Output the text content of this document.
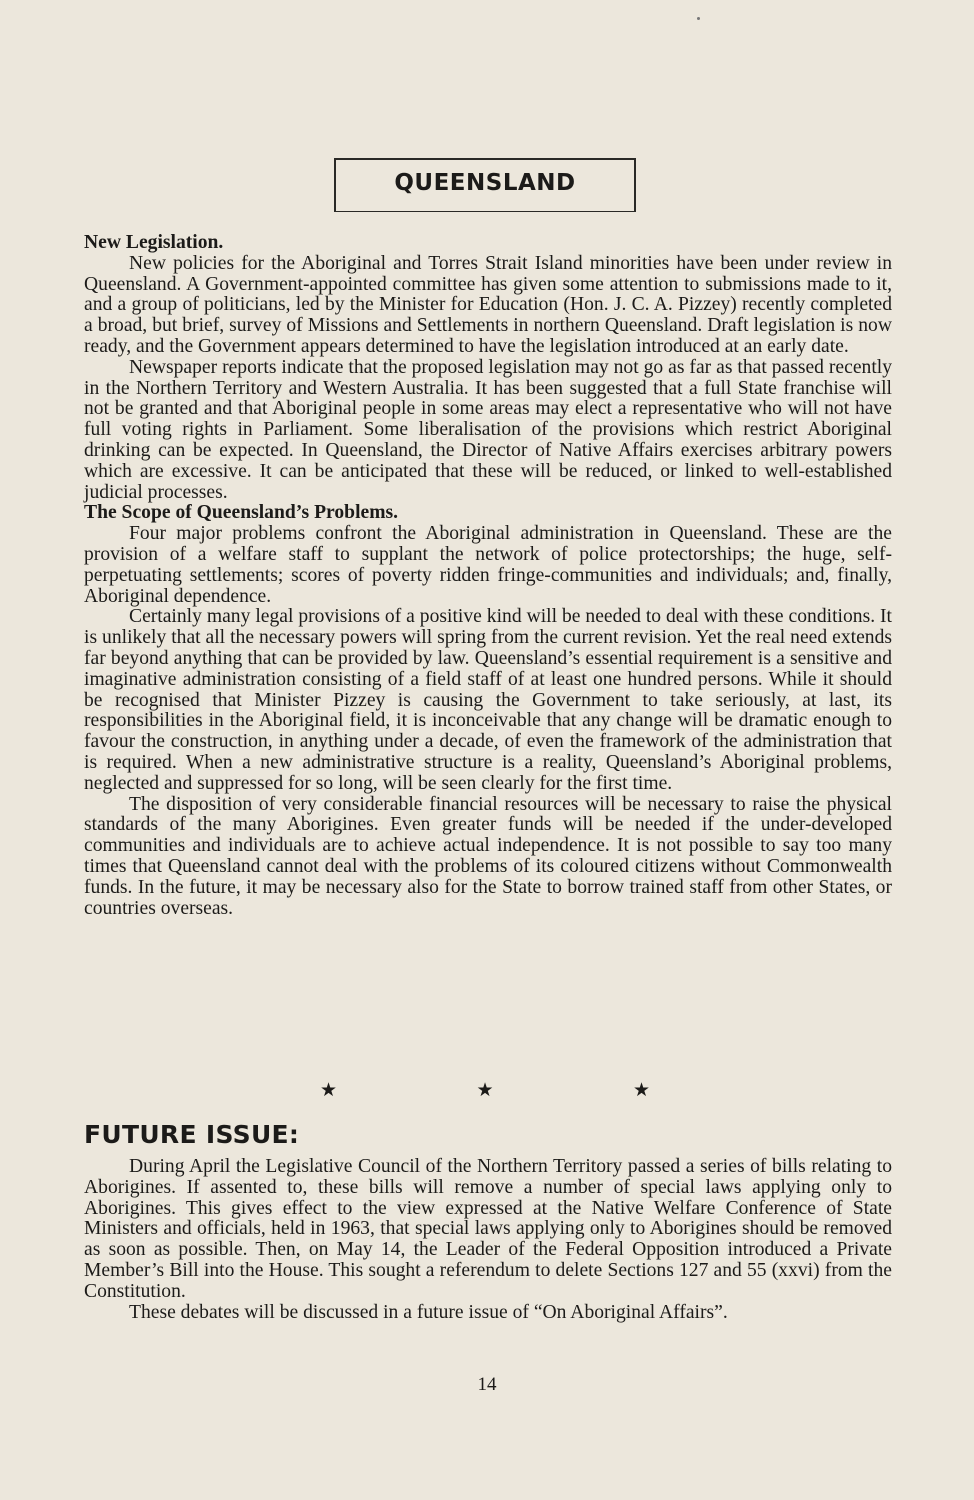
QUEENSLAND

New Legislation.

New policies for the Aboriginal and Torres Strait Island minorities have been under review in Queensland. A Government-appointed committee has given some attention to submissions made to it, and a group of politicians, led by the Minister for Education (Hon. J. C. A. Pizzey) recently completed a broad, but brief, survey of Missions and Settlements in northern Queensland. Draft legislation is now ready, and the Government appears determined to have the legislation introduced at an early date.

Newspaper reports indicate that the proposed legislation may not go as far as that passed recently in the Northern Territory and Western Australia. It has been suggested that a full State franchise will not be granted and that Aboriginal people in some areas may elect a representative who will not have full voting rights in Parliament. Some liberalisation of the provisions which restrict Aboriginal drinking can be expected. In Queensland, the Director of Native Affairs exercises arbitrary powers which are excessive. It can be anticipated that these will be reduced, or linked to well-established judicial processes.

The Scope of Queensland’s Problems.

Four major problems confront the Aboriginal administration in Queensland. These are the provision of a welfare staff to supplant the network of police protectorships; the huge, self-perpetuating settlements; scores of poverty ridden fringe-communities and individuals; and, finally, Aboriginal dependence.

Certainly many legal provisions of a positive kind will be needed to deal with these conditions. It is unlikely that all the necessary powers will spring from the current revision. Yet the real need extends far beyond anything that can be provided by law. Queensland’s essential requirement is a sensitive and imaginative administration consisting of a field staff of at least one hundred persons. While it should be recognised that Minister Pizzey is causing the Government to take seriously, at last, its responsibilities in the Aboriginal field, it is inconceivable that any change will be dramatic enough to favour the construction, in anything under a decade, of even the framework of the administration that is required. When a new administrative structure is a reality, Queensland’s Aboriginal problems, neglected and suppressed for so long, will be seen clearly for the first time.

The disposition of very considerable financial resources will be necessary to raise the physical standards of the many Aborigines. Even greater funds will be needed if the under-developed communities and individuals are to achieve actual independence. It is not possible to say too many times that Queensland cannot deal with the problems of its coloured citizens without Commonwealth funds. In the future, it may be necessary also for the State to borrow trained staff from other States, or countries overseas.

★	★	★
FUTURE ISSUE:

During April the Legislative Council of the Northern Territory passed a series of bills relating to Aborigines. If assented to, these bills will remove a number of special laws applying only to Aborigines. This gives effect to the view expressed at the Native Welfare Conference of State Ministers and officials, held in 1963, that special laws applying only to Aborigines should be removed as soon as possible. Then, on May 14, the Leader of the Federal Opposition introduced a Private Member’s Bill into the House. This sought a referendum to delete Sections 127 and 55 (xxvi) from the Constitution.

These debates will be discussed in a future issue of “On Aboriginal Affairs”.

14
